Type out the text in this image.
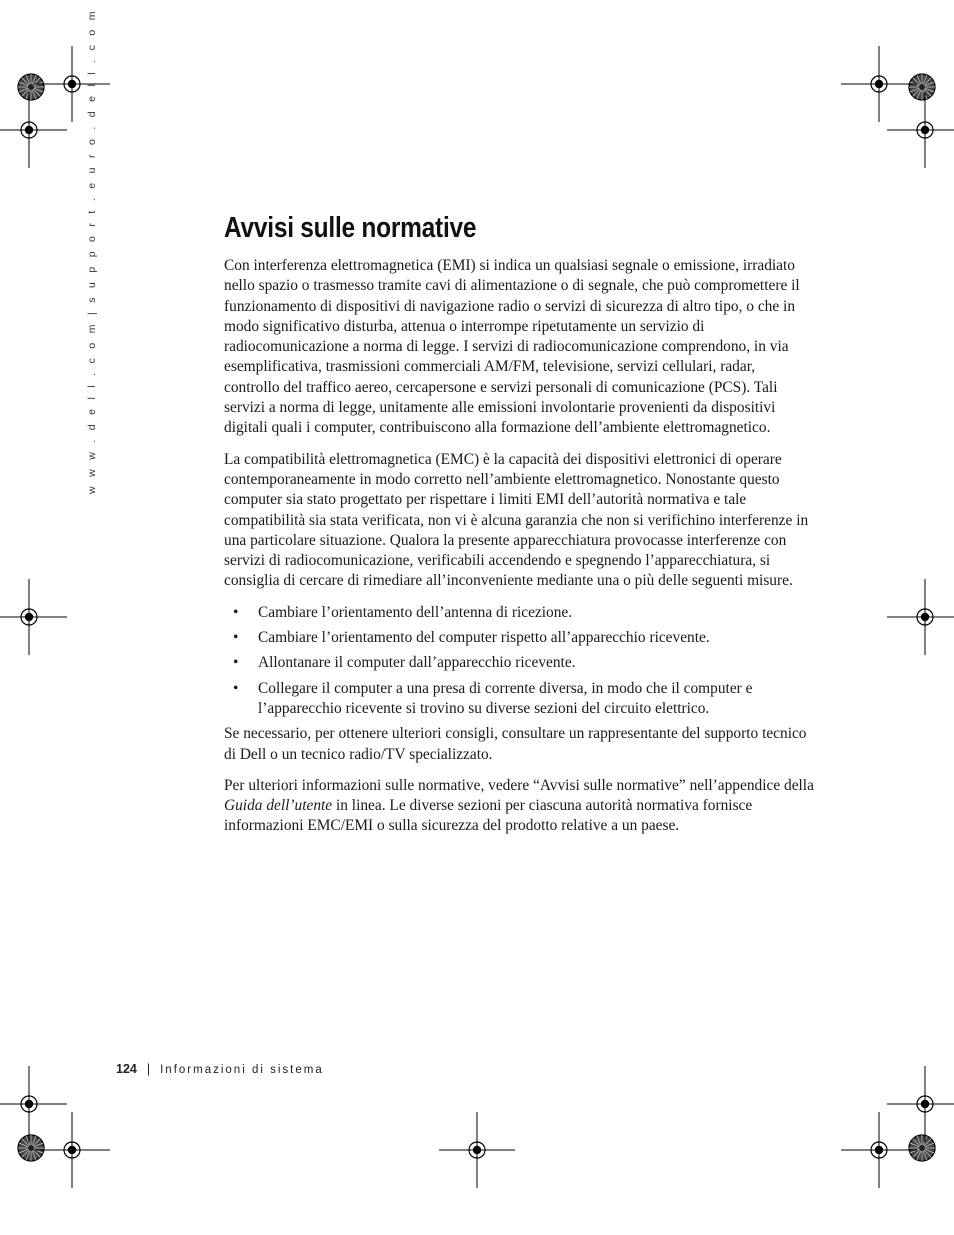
w w w . d e l l . c o m | s u p p o r t . e u r o . d e l l . c o m	Avvisi sulle normative

Con interferenza elettromagnetica (EMI) si indica un qualsiasi segnale o emissione, irradiato nello spazio o trasmesso tramite cavi di alimentazione o di segnale, che può compromettere il funzionamento di dispositivi di navigazione radio o servizi di sicurezza di altro tipo, o che in modo significativo disturba, attenua o interrompe ripetutamente un servizio di radiocomunicazione a norma di legge. I servizi di radiocomunicazione comprendono, in via esemplificativa, trasmissioni commerciali AM/FM, televisione, servizi cellulari, radar, controllo del traffico aereo, cercapersone e servizi personali di comunicazione (PCS). Tali servizi a norma di legge, unitamente alle emissioni involontarie provenienti da dispositivi digitali quali i computer, contribuiscono alla formazione dell’ambiente elettromagnetico.

La compatibilità elettromagnetica (EMC) è la capacità dei dispositivi elettronici di operare contemporaneamente in modo corretto nell’ambiente elettromagnetico. Nonostante questo computer sia stato progettato per rispettare i limiti EMI dell’autorità normativa e tale compatibilità sia stata verificata, non vi è alcuna garanzia che non si verifichino interferenze in una particolare situazione. Qualora la presente apparecchiatura provocasse interferenze con servizi di radiocomunicazione, verificabili accendendo e spegnendo l’apparecchiatura, si consiglia di cercare di rimediare all’inconveniente mediante una o più delle seguenti misure.

• Cambiare l’orientamento dell’antenna di ricezione.
• Cambiare l’orientamento del computer rispetto all’apparecchio ricevente.
• Allontanare il computer dall’apparecchio ricevente.
• Collegare il computer a una presa di corrente diversa, in modo che il computer e l’apparecchio ricevente si trovino su diverse sezioni del circuito elettrico.

Se necessario, per ottenere ulteriori consigli, consultare un rappresentante del supporto tecnico di Dell o un tecnico radio/TV specializzato.

Per ulteriori informazioni sulle normative, vedere “Avvisi sulle normative” nell’appendice della Guida dell’utente in linea. Le diverse sezioni per ciascuna autorità normativa fornisce informazioni EMC/EMI o sulla sicurezza del prodotto relative a un paese.

124 | Informazioni di sistema
